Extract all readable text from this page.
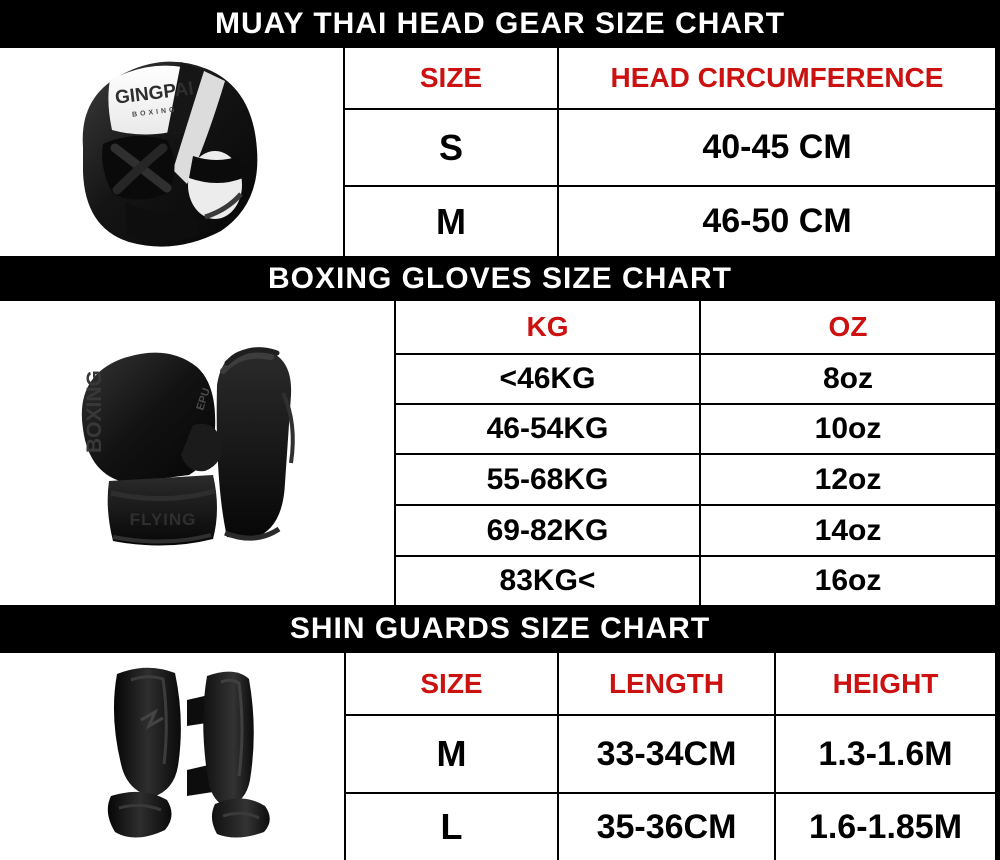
MUAY THAI HEAD GEAR SIZE CHART
BOXING GLOVES SIZE CHART
SHIN GUARDS SIZE CHART
GINGPAI
BOXING
BOXING
FLYING
EPU
SIZE	HEAD CIRCUMFERENCE
S	40-45 CM
M	46-50 CM
KG	OZ
<46KG	8oz
46-54KG	10oz
55-68KG	12oz
69-82KG	14oz
83KG<	16oz
SIZE	LENGTH	HEIGHT
M	33-34CM	1.3-1.6M
L	35-36CM	1.6-1.85M
